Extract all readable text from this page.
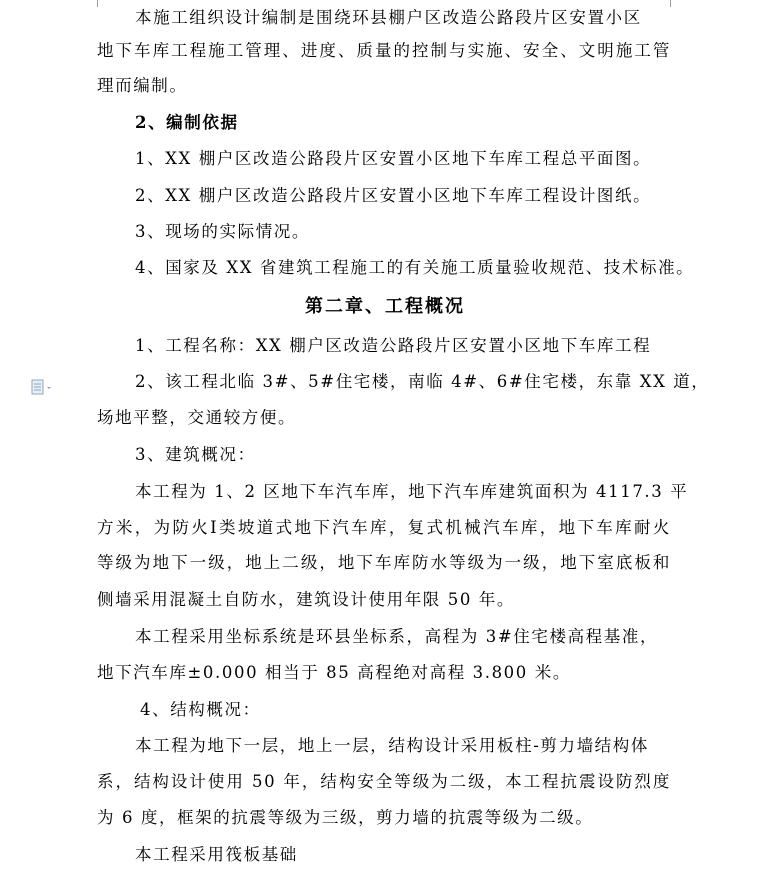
本施工组织设计编制是围绕环县棚户区改造公路段片区安置小区
地下车库工程施工管理、进度、质量的控制与实施、安全、文明施工管
理而编制。
2、编制依据
1、XX 棚户区改造公路段片区安置小区地下车库工程总平面图。
2、XX 棚户区改造公路段片区安置小区地下车库工程设计图纸。
3、现场的实际情况。
4、国家及 XX 省建筑工程施工的有关施工质量验收规范、技术标准。
第二章、工程概况
1、工程名称：XX 棚户区改造公路段片区安置小区地下车库工程
2、该工程北临 3#、5#住宅楼，南临 4#、6#住宅楼，东靠 XX 道，
场地平整，交通较方便。
3、建筑概况：
本工程为 1、2 区地下车汽车库，地下汽车库建筑面积为 4117.3 平
方米，为防火Ⅰ类坡道式地下汽车库，复式机械汽车库，地下车库耐火
等级为地下一级，地上二级，地下车库防水等级为一级，地下室底板和
侧墙采用混凝土自防水，建筑设计使用年限 50 年。
本工程采用坐标系统是环县坐标系，高程为 3#住宅楼高程基准，
地下汽车库±0.000 相当于 85 高程绝对高程 3.800 米。
4、结构概况：
本工程为地下一层，地上一层，结构设计采用板柱-剪力墙结构体
系，结构设计使用 50 年，结构安全等级为二级，本工程抗震设防烈度
为 6 度，框架的抗震等级为三级，剪力墙的抗震等级为二级。
本工程采用筏板基础
